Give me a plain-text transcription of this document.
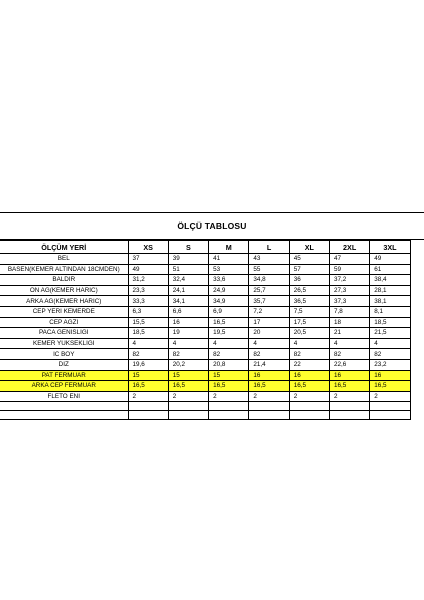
ÖLÇÜ TABLOSU
ÖLÇÜM YERİ	XS	S	M	L	XL	2XL	3XL
BEL	37	39	41	43	45	47	49
BASEN(KEMER ALTINDAN 18CMDEN)	49	51	53	55	57	59	61
BALDIR	31,2	32,4	33,6	34,8	36	37,2	38,4
ON AG(KEMER HARIC)	23,3	24,1	24,9	25,7	26,5	27,3	28,1
ARKA AG(KEMER HARIC)	33,3	34,1	34,9	35,7	36,5	37,3	38,1
CEP YERI KEMERDE	6,3	6,6	6,9	7,2	7,5	7,8	8,1
CEP AGZI	15,5	16	16,5	17	17,5	18	18,5
PACA GENISLIGI	18,5	19	19,5	20	20,5	21	21,5
KEMER YUKSEKLIGI	4	4	4	4	4	4	4
IC BOY	82	82	82	82	82	82	82
DIZ	19,6	20,2	20,8	21,4	22	22,6	23,2
PAT FERMUAR	15	15	15	16	16	16	16
ARKA CEP FERMUAR	16,5	16,5	16,5	16,5	16,5	16,5	16,5
FLETO ENI	2	2	2	2	2	2	2
